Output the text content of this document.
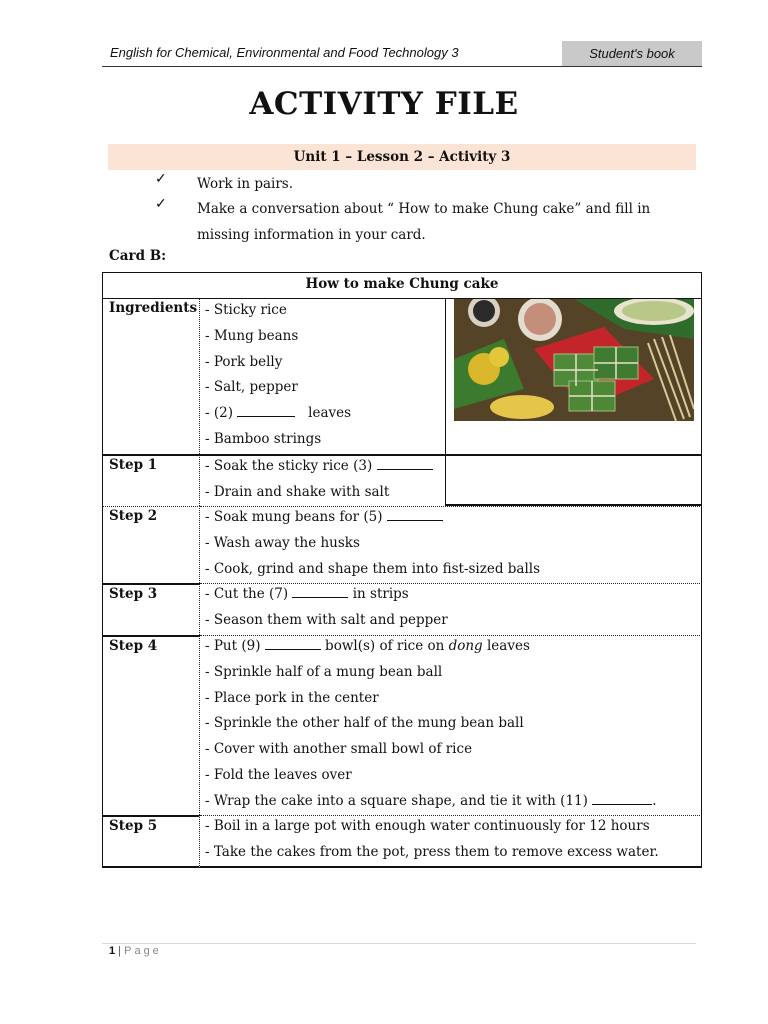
English for Chemical, Environmental and Food Technology 3	Student's book
ACTIVITY FILE
Unit 1 – Lesson 2 – Activity 3
✓ Work in pairs.
✓ Make a conversation about “ How to make Chung cake” and fill in missing information in your card.
Card B:
How to make Chung cake
Ingredients - Sticky rice
- Mung beans
- Pork belly
- Salt, pepper
- (2)	leaves
- Bamboo strings
Step 1	- Soak the sticky rice (3)
- Drain and shake with salt
Step 2	- Soak mung beans for (5)
- Wash away the husks
- Cook, grind and shape them into fist-sized balls
Step 3	- Cut the (7)	in strips
- Season them with salt and pepper
Step 4	- Put (9)	bowl(s) of rice on dong leaves
- Sprinkle half of a mung bean ball
- Place pork in the center
- Sprinkle the other half of the mung bean ball
- Cover with another small bowl of rice
- Fold the leaves over
- Wrap the cake into a square shape, and tie it with (11)	.
Step 5	- Boil in a large pot with enough water continuously for 12 hours
- Take the cakes from the pot, press them to remove excess water.
1 | Page
